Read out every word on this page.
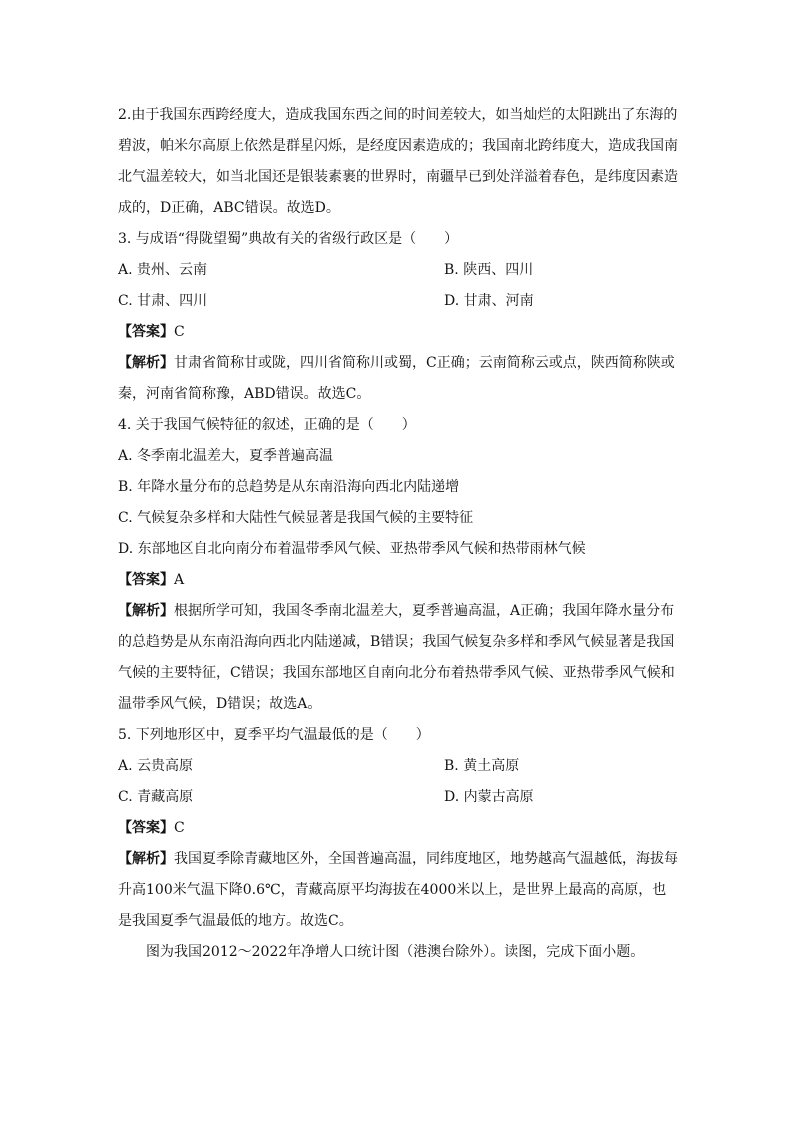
2.由于我国东西跨经度大，造成我国东西之间的时间差较大，如当灿烂的太阳跳出了东海的碧波，帕米尔高原上依然是群星闪烁，是经度因素造成的；我国南北跨纬度大，造成我国南北气温差较大，如当北国还是银装素裹的世界时，南疆早已到处洋溢着春色，是纬度因素造成的，D正确，ABC错误。故选D。

3. 与成语“得陇望蜀”典故有关的省级行政区是（　　）
A. 贵州、云南	B. 陕西、四川
C. 甘肃、四川	D. 甘肃、河南
【答案】C

【解析】甘肃省简称甘或陇，四川省简称川或蜀，C正确；云南简称云或点，陕西简称陕或秦，河南省简称豫，ABD错误。故选C。

4. 关于我国气候特征的叙述，正确的是（　　）
A. 冬季南北温差大，夏季普遍高温
B. 年降水量分布的总趋势是从东南沿海向西北内陆递增
C. 气候复杂多样和大陆性气候显著是我国气候的主要特征
D. 东部地区自北向南分布着温带季风气候、亚热带季风气候和热带雨林气候
【答案】A

【解析】根据所学可知，我国冬季南北温差大，夏季普遍高温，A正确；我国年降水量分布的总趋势是从东南沿海向西北内陆递减，B错误；我国气候复杂多样和季风气候显著是我国气候的主要特征，C错误；我国东部地区自南向北分布着热带季风气候、亚热带季风气候和温带季风气候，D错误；故选A。

5. 下列地形区中，夏季平均气温最低的是（　　）
A. 云贵高原	B. 黄土高原
C. 青藏高原	D. 内蒙古高原
【答案】C

【解析】我国夏季除青藏地区外，全国普遍高温，同纬度地区，地势越高气温越低，海拔每升高100米气温下降0.6℃，青藏高原平均海拔在4000米以上，是世界上最高的高原，也是我国夏季气温最低的地方。故选C。

图为我国2012～2022年净增人口统计图（港澳台除外）。读图，完成下面小题。
